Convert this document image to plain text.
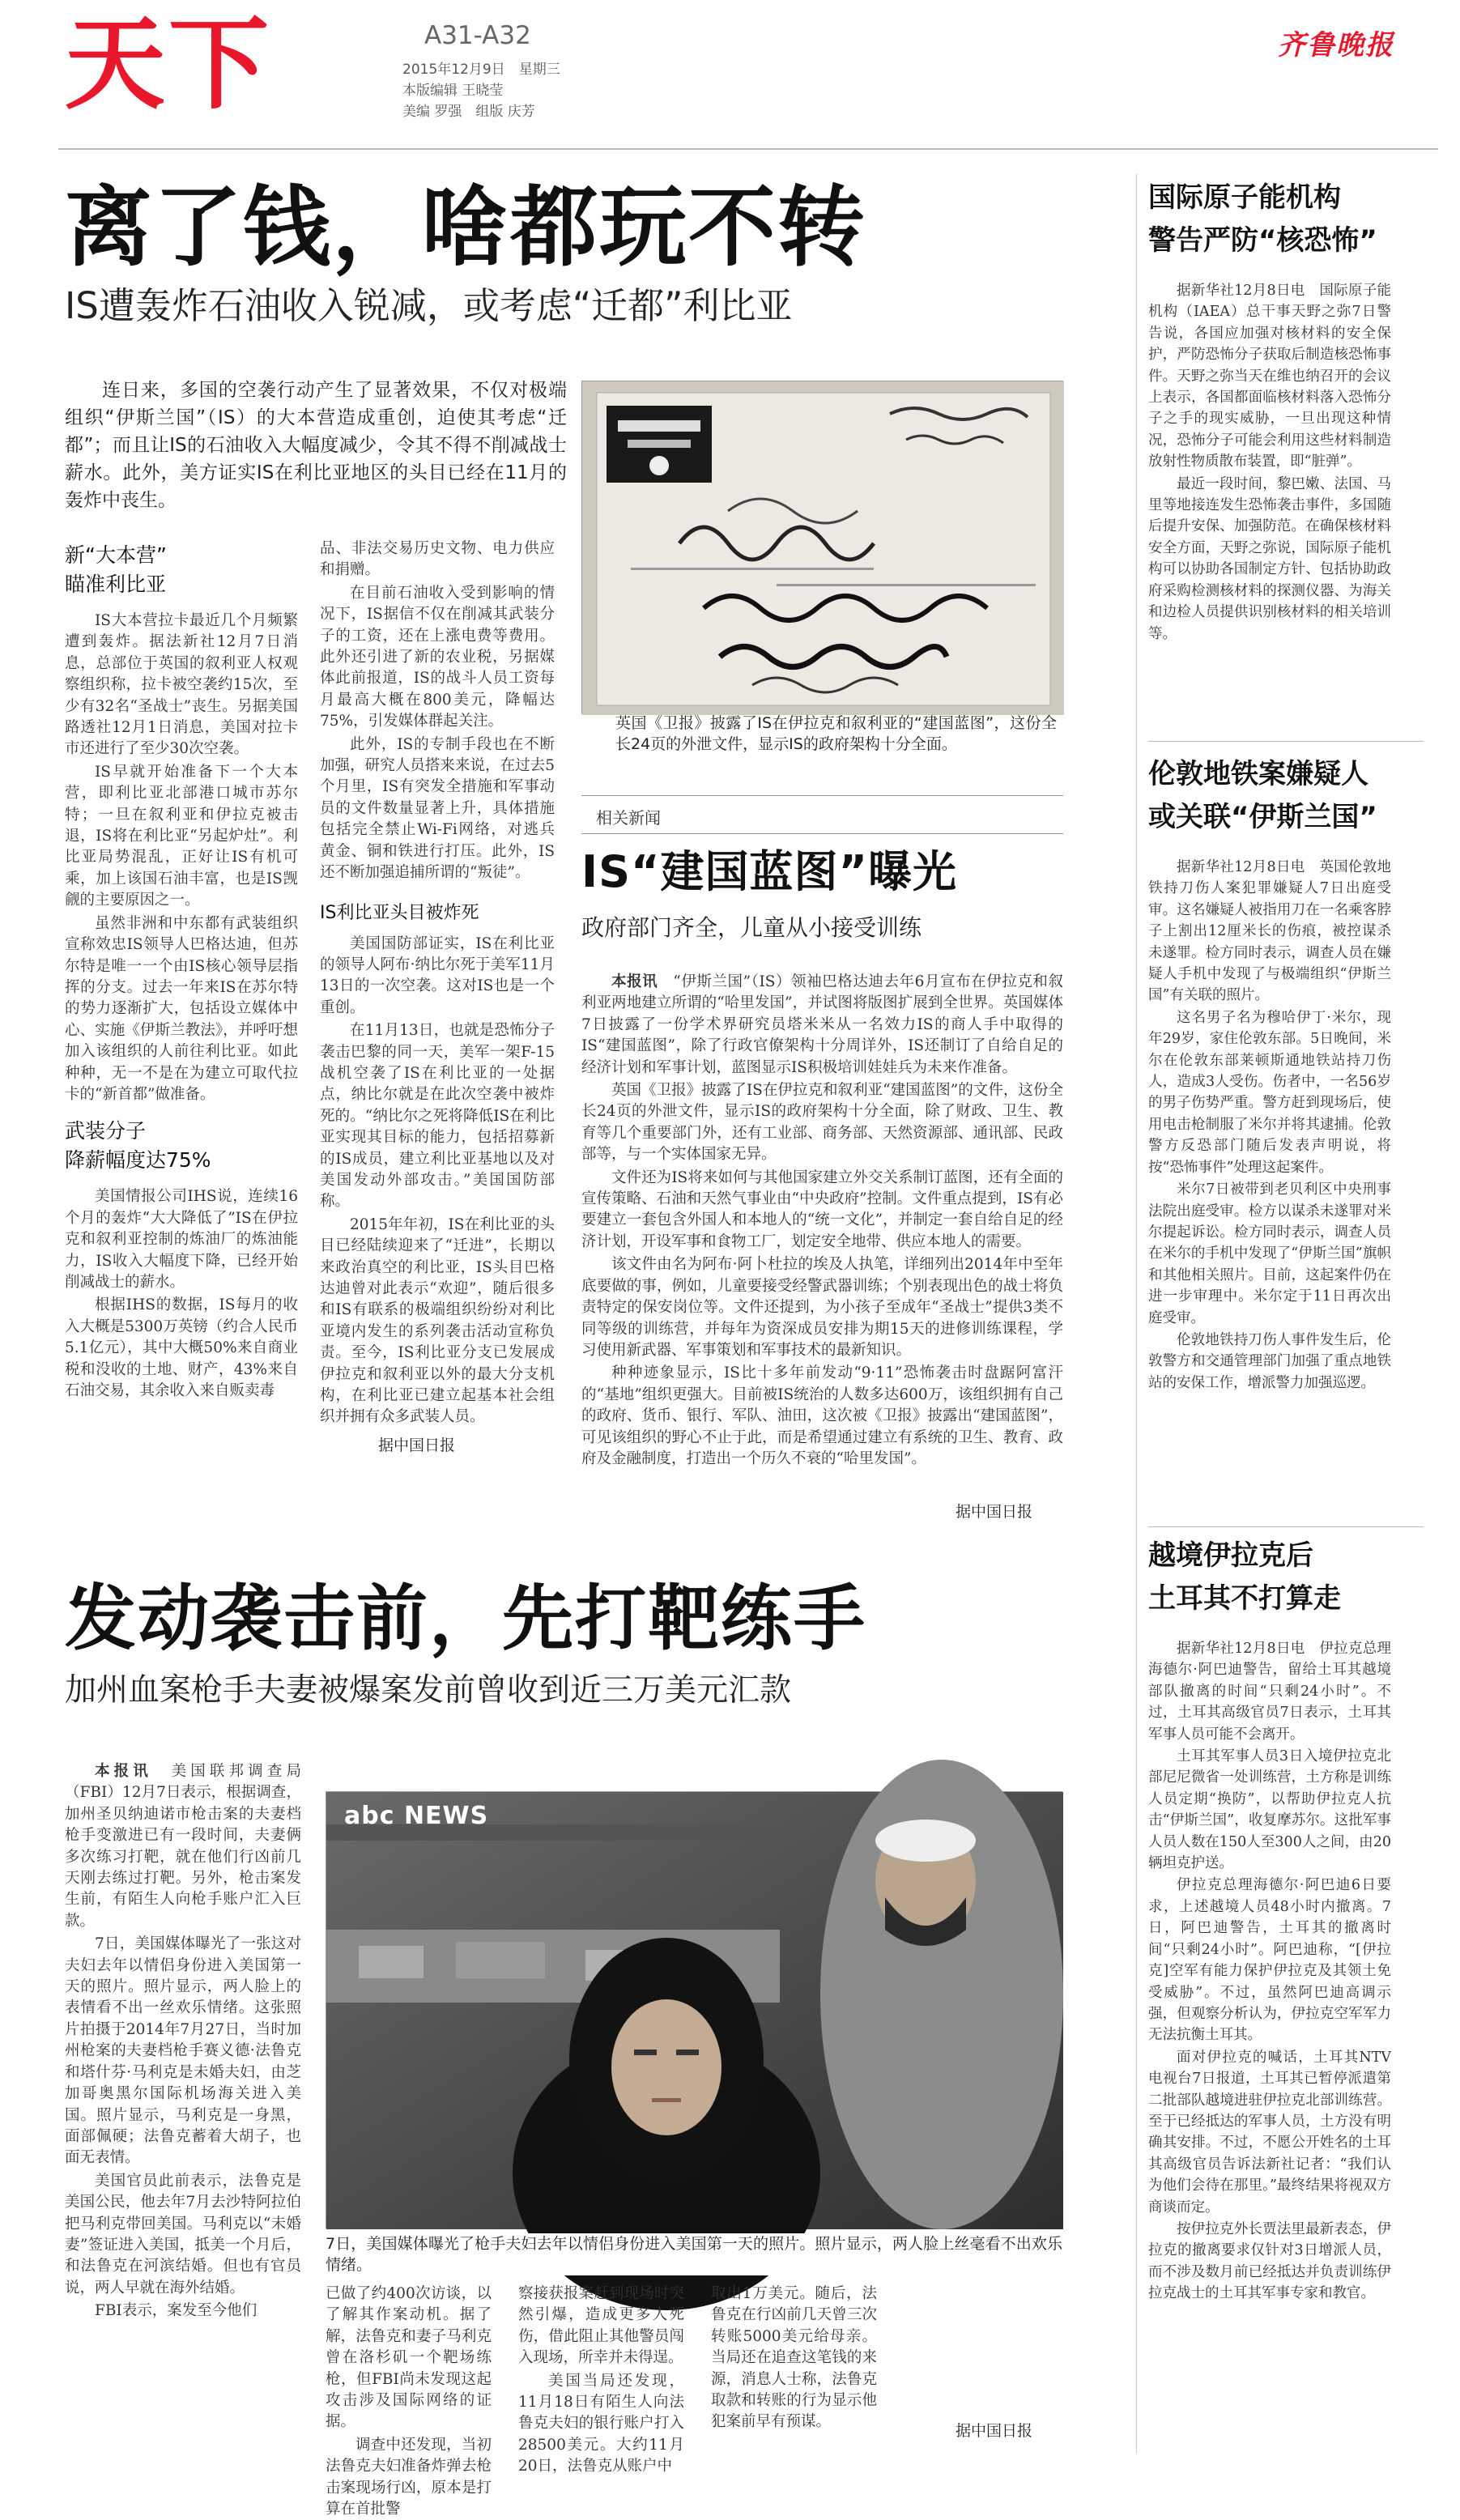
天下	A31-A32
2015年12月9日　星期三
本版编辑 王晓莹
美编 罗强　组版 庆芳
齐鲁晚报
离了钱，啥都玩不转
IS遭轰炸石油收入锐减，或考虑“迁都”利比亚
连日来，多国的空袭行动产生了显著效果，不仅对极端组织“伊斯兰国”（IS）的大本营造成重创，迫使其考虑“迁都”；而且让IS的石油收入大幅度减少，令其不得不削减战士薪水。此外，美方证实IS在利比亚地区的头目已经在11月的轰炸中丧生。
新“大本营”
瞄准利比亚

IS大本营拉卡最近几个月频繁遭到轰炸。据法新社12月7日消息，总部位于英国的叙利亚人权观察组织称，拉卡被空袭约15次，至少有32名“圣战士”丧生。另据美国路透社12月1日消息，美国对拉卡市还进行了至少30次空袭。

IS早就开始准备下一个大本营，即利比亚北部港口城市苏尔特；一旦在叙利亚和伊拉克被击退，IS将在利比亚“另起炉灶”。利比亚局势混乱，正好让IS有机可乘，加上该国石油丰富，也是IS觊觎的主要原因之一。

虽然非洲和中东都有武装组织宣称效忠IS领导人巴格达迪，但苏尔特是唯一一个由IS核心领导层指挥的分支。过去一年来IS在苏尔特的势力逐渐扩大，包括设立媒体中心、实施《伊斯兰教法》，并呼吁想加入该组织的人前往利比亚。如此种种，无一不是在为建立可取代拉卡的“新首都”做准备。

武装分子
降薪幅度达75%

美国情报公司IHS说，连续16个月的轰炸“大大降低了”IS在伊拉克和叙利亚控制的炼油厂的炼油能力，IS收入大幅度下降，已经开始削减战士的薪水。

根据IHS的数据，IS每月的收入大概是5300万英镑（约合人民币5.1亿元），其中大概50%来自商业税和没收的土地、财产，43%来自石油交易，其余收入来自贩卖毒

品、非法交易历史文物、电力供应和捐赠。

在目前石油收入受到影响的情况下，IS据信不仅在削减其武装分子的工资，还在上涨电费等费用。此外还引进了新的农业税，另据媒体此前报道，IS的战斗人员工资每月最高大概在800美元，降幅达75%，引发媒体群起关注。

此外，IS的专制手段也在不断加强，研究人员搭来来说，在过去5个月里，IS有突发全措施和军事动员的文件数量显著上升，具体措施包括完全禁止Wi-Fi网络，对逃兵黄金、铜和铁进行打压。此外，IS还不断加强追捕所谓的“叛徒”。

IS利比亚头目被炸死

美国国防部证实，IS在利比亚的领导人阿布·纳比尔死于美军11月13日的一次空袭。这对IS也是一个重创。

在11月13日，也就是恐怖分子袭击巴黎的同一天，美军一架F-15战机空袭了IS在利比亚的一处据点，纳比尔就是在此次空袭中被炸死的。“纳比尔之死将降低IS在利比亚实现其目标的能力，包括招募新的IS成员，建立利比亚基地以及对美国发动外部攻击。”美国国防部称。

2015年年初，IS在利比亚的头目已经陆续迎来了“迁进”，长期以来政治真空的利比亚，IS头目巴格达迪曾对此表示“欢迎”，随后很多和IS有联系的极端组织纷纷对利比亚境内发生的系列袭击活动宣称负责。至今，IS利比亚分支已发展成伊拉克和叙利亚以外的最大分支机构，在利比亚已建立起基本社会组织并拥有众多武装人员。

据中国日报
英国《卫报》披露了IS在伊拉克和叙利亚的“建国蓝图”，这份全长24页的外泄文件，显示IS的政府架构十分全面。
相关新闻
IS“建国蓝图”曝光
政府部门齐全，儿童从小接受训练

本报讯　 “伊斯兰国”（IS）领袖巴格达迪去年6月宣布在伊拉克和叙利亚两地建立所谓的“哈里发国”，并试图将版图扩展到全世界。英国媒体7日披露了一份学术界研究员塔米米从一名效力IS的商人手中取得的IS“建国蓝图”，除了行政官僚架构十分周详外，IS还制订了自给自足的经济计划和军事计划，蓝图显示IS积极培训娃娃兵为未来作准备。

英国《卫报》披露了IS在伊拉克和叙利亚“建国蓝图”的文件，这份全长24页的外泄文件，显示IS的政府架构十分全面，除了财政、卫生、教育等几个重要部门外，还有工业部、商务部、天然资源部、通讯部、民政部等，与一个实体国家无异。

文件还为IS将来如何与其他国家建立外交关系制订蓝图，还有全面的宣传策略、石油和天然气事业由“中央政府”控制。文件重点提到，IS有必要建立一套包含外国人和本地人的“统一文化”，并制定一套自给自足的经济计划，开设军事和食物工厂，划定安全地带、供应本地人的需要。

该文件由名为阿布·阿卜杜拉的埃及人执笔，详细列出2014年中至年底要做的事，例如，儿童要接受经警武器训练；个别表现出色的战士将负责特定的保安岗位等。文件还提到，为小孩子至成年“圣战士”提供3类不同等级的训练营，并每年为资深成员安排为期15天的进修训练课程，学习使用新武器、军事策划和军事技术的最新知识。

种种迹象显示，IS比十多年前发动“9·11”恐怖袭击时盘踞阿富汗的“基地”组织更强大。目前被IS统治的人数多达600万，该组织拥有自己的政府、货币、银行、军队、油田，这次被《卫报》披露出“建国蓝图”，可见该组织的野心不止于此，而是希望通过建立有系统的卫生、教育、政府及金融制度，打造出一个历久不衰的“哈里发国”。

据中国日报
发动袭击前，先打靶练手
加州血案枪手夫妻被爆案发前曾收到近三万美元汇款

本报讯　 美国联邦调查局（FBI）12月7日表示，根据调查，加州圣贝纳迪诺市枪击案的夫妻档枪手变激进已有一段时间，夫妻俩多次练习打靶，就在他们行凶前几天刚去练过打靶。另外，枪击案发生前，有陌生人向枪手账户汇入巨款。

7日，美国媒体曝光了一张这对夫妇去年以情侣身份进入美国第一天的照片。照片显示，两人脸上的表情看不出一丝欢乐情绪。这张照片拍摄于2014年7月27日，当时加州枪案的夫妻档枪手赛义德·法鲁克和塔什芬·马利克是未婚夫妇，由芝加哥奥黑尔国际机场海关进入美国。照片显示，马利克是一身黑，面部佩硬；法鲁克蓄着大胡子，也面无表情。

美国官员此前表示，法鲁克是美国公民，他去年7月去沙特阿拉伯把马利克带回美国。马利克以“未婚妻”签证进入美国，抵美一个月后，和法鲁克在河滨结婚。但也有官员说，两人早就在海外结婚。

FBI表示，案发至今他们

abc NEWS
7日，美国媒体曝光了枪手夫妇去年以情侣身份进入美国第一天的照片。照片显示，两人脸上丝毫看不出欢乐情绪。

已做了约400次访谈，以了解其作案动机。据了解，法鲁克和妻子马利克曾在洛杉矶一个靶场练枪，但FBI尚未发现这起攻击涉及国际网络的证据。

调查中还发现，当初法鲁克夫妇准备炸弹去枪击案现场行凶，原本是打算在首批警

察接获报案赶到现场时突然引爆，造成更多人死伤，借此阻止其他警员闯入现场，所幸并未得逞。

美国当局还发现，11月18日有陌生人向法鲁克夫妇的银行账户打入28500美元。大约11月20日，法鲁克从账户中

取出1万美元。随后，法鲁克在行凶前几天曾三次转账5000美元给母亲。当局还在追查这笔钱的来源，消息人士称，法鲁克取款和转账的行为显示他犯案前早有预谋。

据中国日报
国际原子能机构
警告严防“核恐怖”

据新华社12月8日电　国际原子能机构（IAEA）总干事天野之弥7日警告说，各国应加强对核材料的安全保护，严防恐怖分子获取后制造核恐怖事件。天野之弥当天在维也纳召开的会议上表示，各国都面临核材料落入恐怖分子之手的现实威胁，一旦出现这种情况，恐怖分子可能会利用这些材料制造放射性物质散布装置，即“脏弹”。

最近一段时间，黎巴嫩、法国、马里等地接连发生恐怖袭击事件，多国随后提升安保、加强防范。在确保核材料安全方面，天野之弥说，国际原子能机构可以协助各国制定方针、包括协助政府采购检测核材料的探测仪器、为海关和边检人员提供识别核材料的相关培训等。

伦敦地铁案嫌疑人
或关联“伊斯兰国”

据新华社12月8日电　英国伦敦地铁持刀伤人案犯罪嫌疑人7日出庭受审。这名嫌疑人被指用刀在一名乘客脖子上割出12厘米长的伤痕，被控谋杀未遂罪。检方同时表示，调查人员在嫌疑人手机中发现了与极端组织“伊斯兰国”有关联的照片。

这名男子名为穆哈伊丁·米尔，现年29岁，家住伦敦东部。5日晚间，米尔在伦敦东部莱顿斯通地铁站持刀伤人，造成3人受伤。伤者中，一名56岁的男子伤势严重。警方赶到现场后，使用电击枪制服了米尔并将其逮捕。伦敦警方反恐部门随后发表声明说，将按“恐怖事件”处理这起案件。

米尔7日被带到老贝利区中央刑事法院出庭受审。检方以谋杀未遂罪对米尔提起诉讼。检方同时表示，调查人员在米尔的手机中发现了“伊斯兰国”旗帜和其他相关照片。目前，这起案件仍在进一步审理中。米尔定于11日再次出庭受审。

伦敦地铁持刀伤人事件发生后，伦敦警方和交通管理部门加强了重点地铁站的安保工作，增派警力加强巡逻。

越境伊拉克后
土耳其不打算走

据新华社12月8日电　伊拉克总理海德尔·阿巴迪警告，留给土耳其越境部队撤离的时间“只剩24小时”。不过，土耳其高级官员7日表示，土耳其军事人员可能不会离开。

土耳其军事人员3日入境伊拉克北部尼尼微省一处训练营，土方称是训练人员定期“换防”，以帮助伊拉克人抗击“伊斯兰国”，收复摩苏尔。这批军事人员人数在150人至300人之间，由20辆坦克护送。

伊拉克总理海德尔·阿巴迪6日要求，上述越境人员48小时内撤离。7日，阿巴迪警告，土耳其的撤离时间“只剩24小时”。阿巴迪称，“[伊拉克]空军有能力保护伊拉克及其领土免受威胁”。不过，虽然阿巴迪高调示强，但观察分析认为，伊拉克空军军力无法抗衡土耳其。

面对伊拉克的喊话，土耳其NTV电视台7日报道，土耳其已暂停派遣第二批部队越境进驻伊拉克北部训练营。至于已经抵达的军事人员，土方没有明确其安排。不过，不愿公开姓名的土耳其高级官员告诉法新社记者：“我们认为他们会待在那里。”最终结果将视双方商谈而定。

按伊拉克外长贾法里最新表态，伊拉克的撤离要求仅针对3日增派人员，而不涉及数月前已经抵达并负责训练伊拉克战士的土耳其军事专家和教官。
